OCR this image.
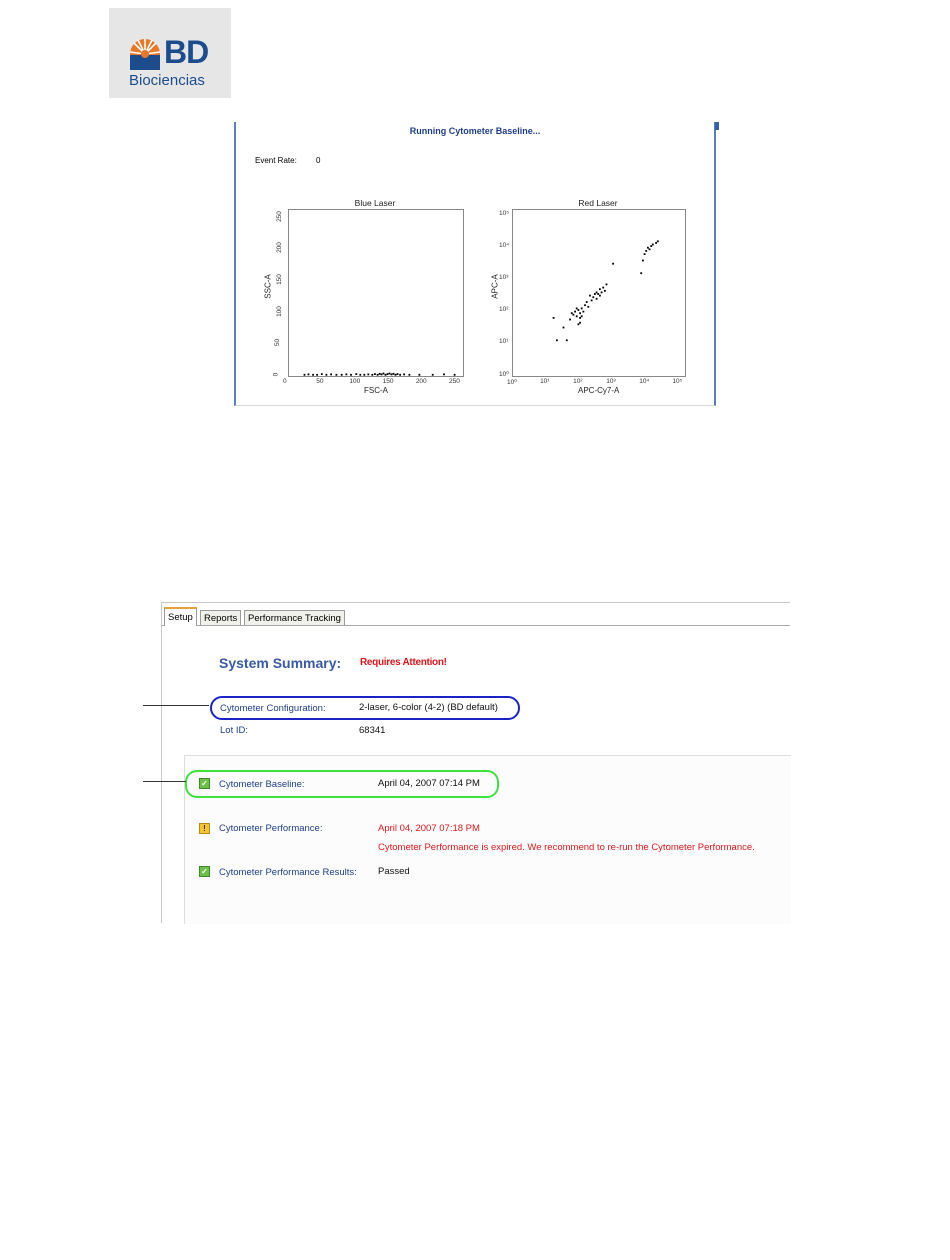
BD
Biociencias
Running Cytometer Baseline...
Event Rate: 0
Blue Laser
FSC-A
SSC-A
Red Laser
APC-Cy7-A
APC-A
0	50	100	150	200	250
0
50
100
150
200
250
10⁰	10¹	10²	10³	10⁴	10⁵
10⁰
10¹
10²
10³
10⁴
10⁵
Setup	Reports	Performance Tracking
System Summary: Requires Attention!
Cytometer Configuration:	2-laser, 6-color (4-2) (BD default)
Lot ID:	68341
✓ Cytometer Baseline:	April 04, 2007 07:14 PM
!	Cytometer Performance:	April 04, 2007 07:18 PM
Cytometer Performance is expired. We recommend to re-run the Cytometer Performance.
✓ Cytometer Performance Results: Passed
